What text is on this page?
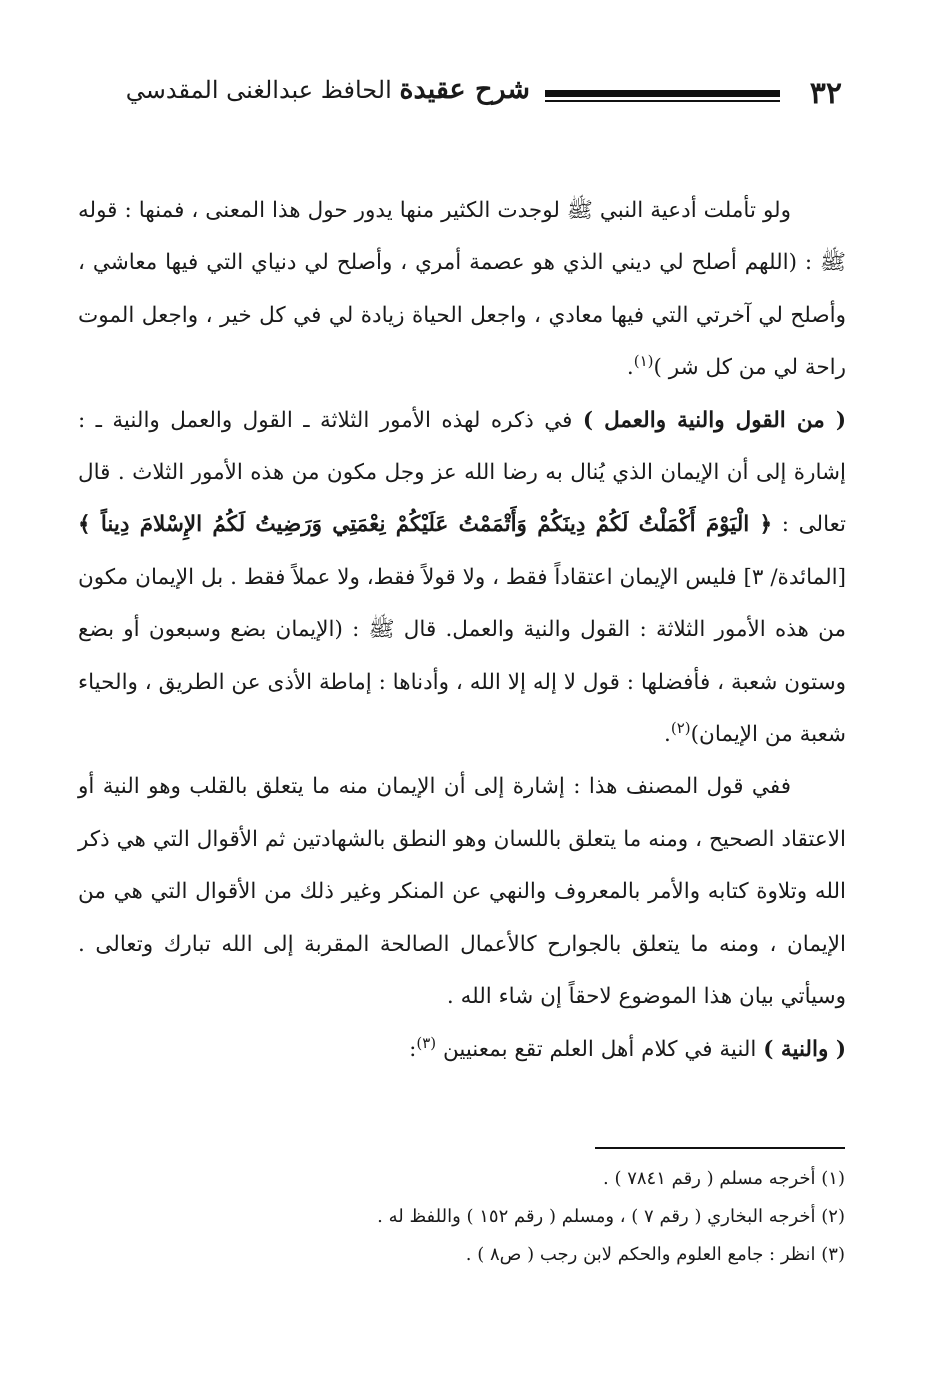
٣٢
شرح عقيدة الحافظ عبدالغنى المقدسي

ولو تأملت أدعية النبي ﷺ لوجدت الكثير منها يدور حول هذا المعنى ، فمنها : قوله ﷺ : (اللهم أصلح لي ديني الذي هو عصمة أمري ، وأصلح لي دنياي التي فيها معاشي ، وأصلح لي آخرتي التي فيها معادي ، واجعل الحياة زيادة لي في كل خير ، واجعل الموت راحة لي من كل شر )$^{(١)}$.

( من القول والنية والعمل ) في ذكره لهذه الأمور الثلاثة ـ القول والعمل والنية ـ : إشارة إلى أن الإيمان الذي يُنال به رضا الله عز وجل مكون من هذه الأمور الثلاث . قال تعالى : ﴿ الْيَوْمَ أَكْمَلْتُ لَكُمْ دِينَكُمْ وَأَتْمَمْتُ عَلَيْكُمْ نِعْمَتِي وَرَضِيتُ لَكُمُ الإِسْلامَ دِيناً ﴾ [المائدة/ ٣] فليس الإيمان اعتقاداً فقط ، ولا قولاً فقط، ولا عملاً فقط . بل الإيمان مكون من هذه الأمور الثلاثة : القول والنية والعمل. قال ﷺ : (الإيمان بضع وسبعون أو بضع وستون شعبة ، فأفضلها : قول لا إله إلا الله ، وأدناها : إماطة الأذى عن الطريق ، والحياء شعبة من الإيمان)$^{(٢)}$.

ففي قول المصنف هذا : إشارة إلى أن الإيمان منه ما يتعلق بالقلب وهو النية أو الاعتقاد الصحيح ، ومنه ما يتعلق باللسان وهو النطق بالشهادتين ثم الأقوال التي هي ذكر الله وتلاوة كتابه والأمر بالمعروف والنهي عن المنكر وغير ذلك من الأقوال التي هي من الإيمان ، ومنه ما يتعلق بالجوارح كالأعمال الصالحة المقربة إلى الله تبارك وتعالى . وسيأتي بيان هذا الموضوع لاحقاً إن شاء الله .

( والنية ) النية في كلام أهل العلم تقع بمعنيين $^{(٣)}$:

(١) أخرجه مسلم ( رقم ٧٨٤١ ) .
(٢) أخرجه البخاري ( رقم ٧ ) ، ومسلم ( رقم ١٥٢ ) واللفظ له .
(٣) انظر : جامع العلوم والحكم لابن رجب ( ص٨ ) .
